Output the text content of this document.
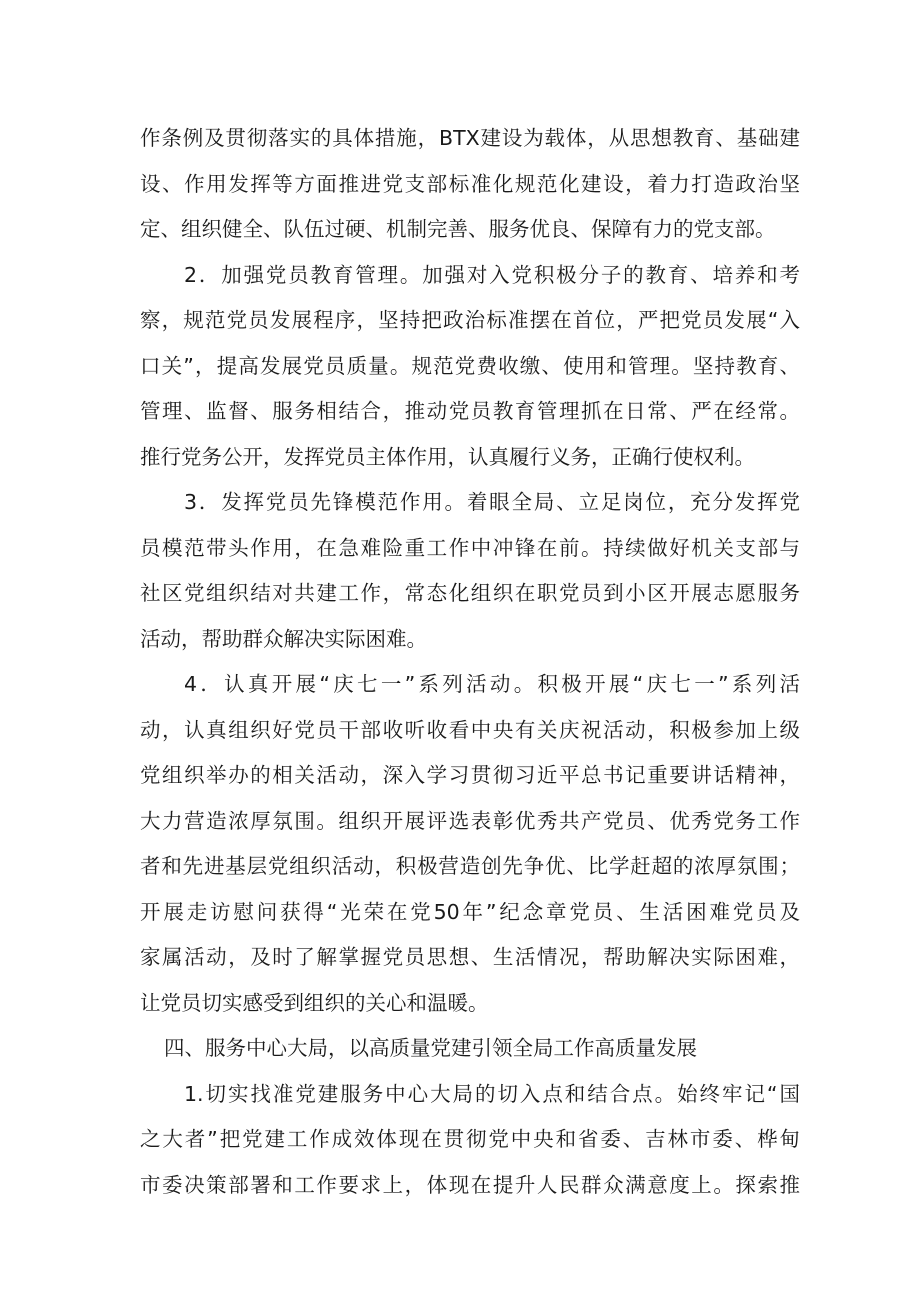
作条例及贯彻落实的具体措施，BTX建设为载体，从思想教育、基础建
设、作用发挥等方面推进党支部标准化规范化建设，着力打造政治坚
定、组织健全、队伍过硬、机制完善、服务优良、保障有力的党支部。
2．加强党员教育管理。加强对入党积极分子的教育、培养和考
察，规范党员发展程序，坚持把政治标准摆在首位，严把党员发展“入
口关”，提高发展党员质量。规范党费收缴、使用和管理。坚持教育、
管理、监督、服务相结合，推动党员教育管理抓在日常、严在经常。
推行党务公开，发挥党员主体作用，认真履行义务，正确行使权利。
3．发挥党员先锋模范作用。着眼全局、立足岗位，充分发挥党
员模范带头作用，在急难险重工作中冲锋在前。持续做好机关支部与
社区党组织结对共建工作，常态化组织在职党员到小区开展志愿服务
活动，帮助群众解决实际困难。
4．认真开展“庆七一”系列活动。积极开展“庆七一”系列活
动，认真组织好党员干部收听收看中央有关庆祝活动，积极参加上级
党组织举办的相关活动，深入学习贯彻习近平总书记重要讲话精神，
大力营造浓厚氛围。组织开展评选表彰优秀共产党员、优秀党务工作
者和先进基层党组织活动，积极营造创先争优、比学赶超的浓厚氛围；
开展走访慰问获得“光荣在党50年”纪念章党员、生活困难党员及
家属活动，及时了解掌握党员思想、生活情况，帮助解决实际困难，
让党员切实感受到组织的关心和温暖。
四、服务中心大局，以高质量党建引领全局工作高质量发展
1.切实找准党建服务中心大局的切入点和结合点。始终牢记“国
之大者”把党建工作成效体现在贯彻党中央和省委、吉林市委、桦甸
市委决策部署和工作要求上，体现在提升人民群众满意度上。探索推
